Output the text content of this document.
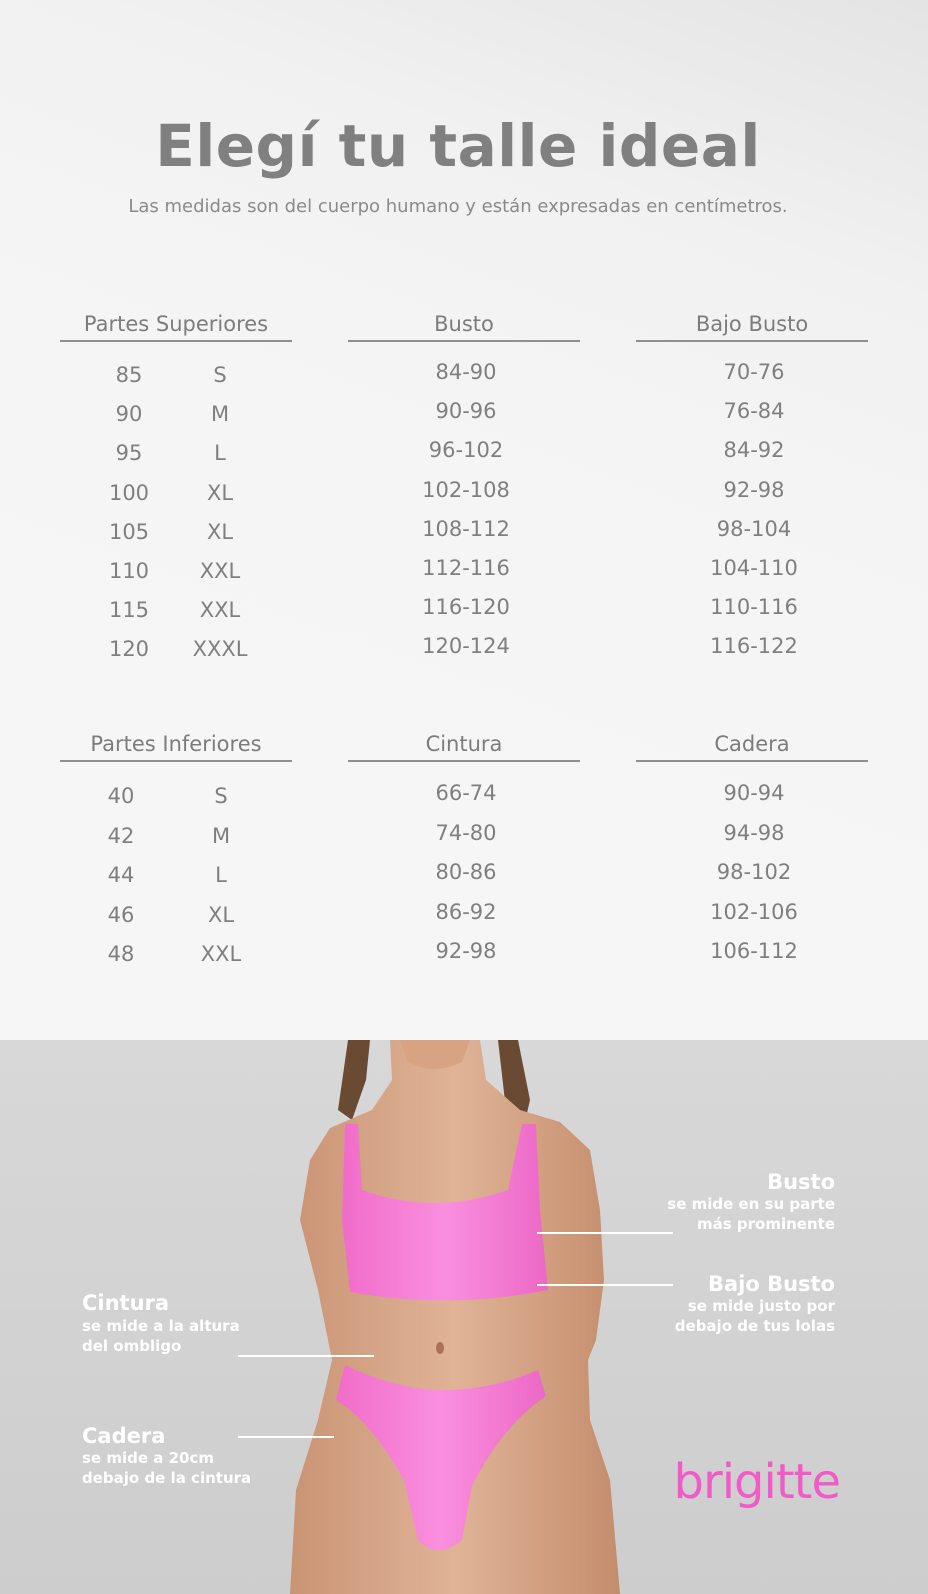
Elegí tu talle ideal
Las medidas son del cuerpo humano y están expresadas en centímetros.
Partes Superiores	Busto	Bajo Busto
85	S	84-90	70-76
90	M	90-96	76-84
95	L	96-102	84-92
100	XL	102-108	92-98
105	XL	108-112	98-104
110	XXL	112-116	104-110
115	XXL	116-120	110-116
120	XXXL	120-124	116-122
Partes Inferiores	Cintura	Cadera
40	S	66-74	90-94
42	M	74-80	94-98
44	L	80-86	98-102
46	XL	86-92	102-106
48	XXL	92-98	106-112
Busto
se mide en su parte
más prominente
Bajo Busto
se mide justo por
debajo de tus lolas
Cintura
se mide a la altura
del ombligo
Cadera
se mide a 20cm
debajo de la cintura	brigitte
